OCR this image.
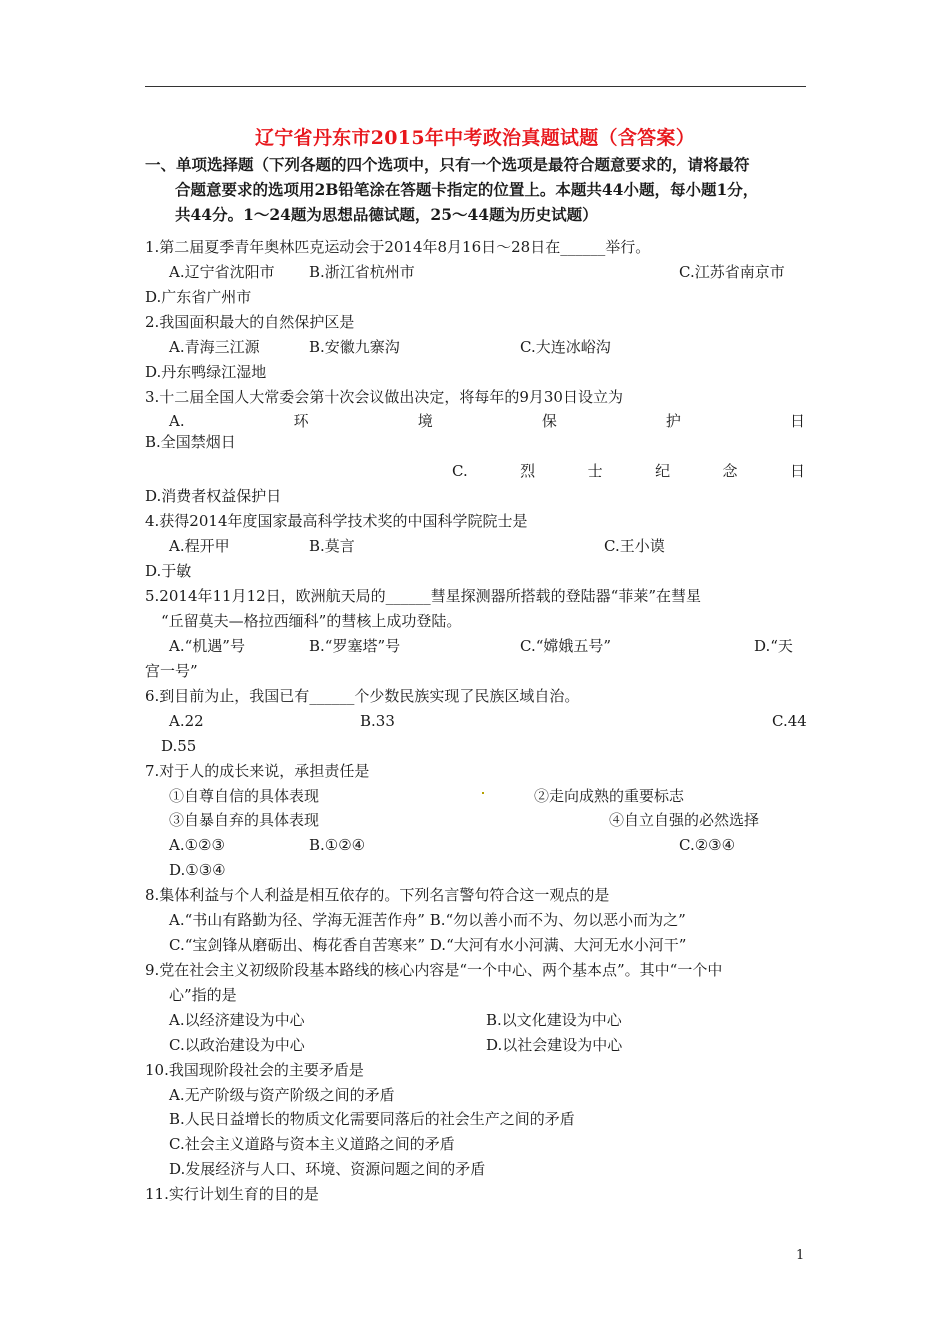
辽宁省丹东市2015年中考政治真题试题（含答案）
一、单项选择题（下列各题的四个选项中，只有一个选项是最符合题意要求的，请将最符
合题意要求的选项用2B铅笔涂在答题卡指定的位置上。本题共44小题，每小题1分，
共44分。1～24题为思想品德试题，25～44题为历史试题）
1.第二届夏季青年奥林匹克运动会于2014年8月16日～28日在______举行。
A.辽宁省沈阳市 B.浙江省杭州市	C.江苏省南京市
D.广东省广州市
2.我国面积最大的自然保护区是
A.青海三江源	B.安徽九寨沟	C.大连冰峪沟
D.丹东鸭绿江湿地
3.十二届全国人大常委会第十次会议做出决定，将每年的9月30日设立为
A.	环	境	保	护	日
B.全国禁烟日
C.	烈	士	纪	念	日
D.消费者权益保护日
4.获得2014年度国家最高科学技术奖的中国科学院院士是
A.程开甲	B.莫言	C.王小谟
D.于敏
5.2014年11月12日，欧洲航天局的______彗星探测器所搭载的登陆器“菲莱”在彗星
“丘留莫夫—格拉西缅科”的彗核上成功登陆。
A.“机遇”号	B.“罗塞塔”号	C.“嫦娥五号”	D.“天
宫一号”
6.到目前为止，我国已有______个少数民族实现了民族区域自治。
A.22	B.33	C.44
D.55
7.对于人的成长来说，承担责任是
①自尊自信的具体表现	②走向成熟的重要标志
③自暴自弃的具体表现	④自立自强的必然选择
A.①②③	B.①②④	C.②③④
D.①③④
8.集体利益与个人利益是相互依存的。下列名言警句符合这一观点的是
A.“书山有路勤为径、学海无涯苦作舟” B.“勿以善小而不为、勿以恶小而为之”
C.“宝剑锋从磨砺出、梅花香自苦寒来” D.“大河有水小河满、大河无水小河干”
9.党在社会主义初级阶段基本路线的核心内容是“一个中心、两个基本点”。其中“一个中
心”指的是
A.以经济建设为中心	B.以文化建设为中心
C.以政治建设为中心	D.以社会建设为中心
10.我国现阶段社会的主要矛盾是
A.无产阶级与资产阶级之间的矛盾
B.人民日益增长的物质文化需要同落后的社会生产之间的矛盾
C.社会主义道路与资本主义道路之间的矛盾
D.发展经济与人口、环境、资源问题之间的矛盾
11.实行计划生育的目的是
1
